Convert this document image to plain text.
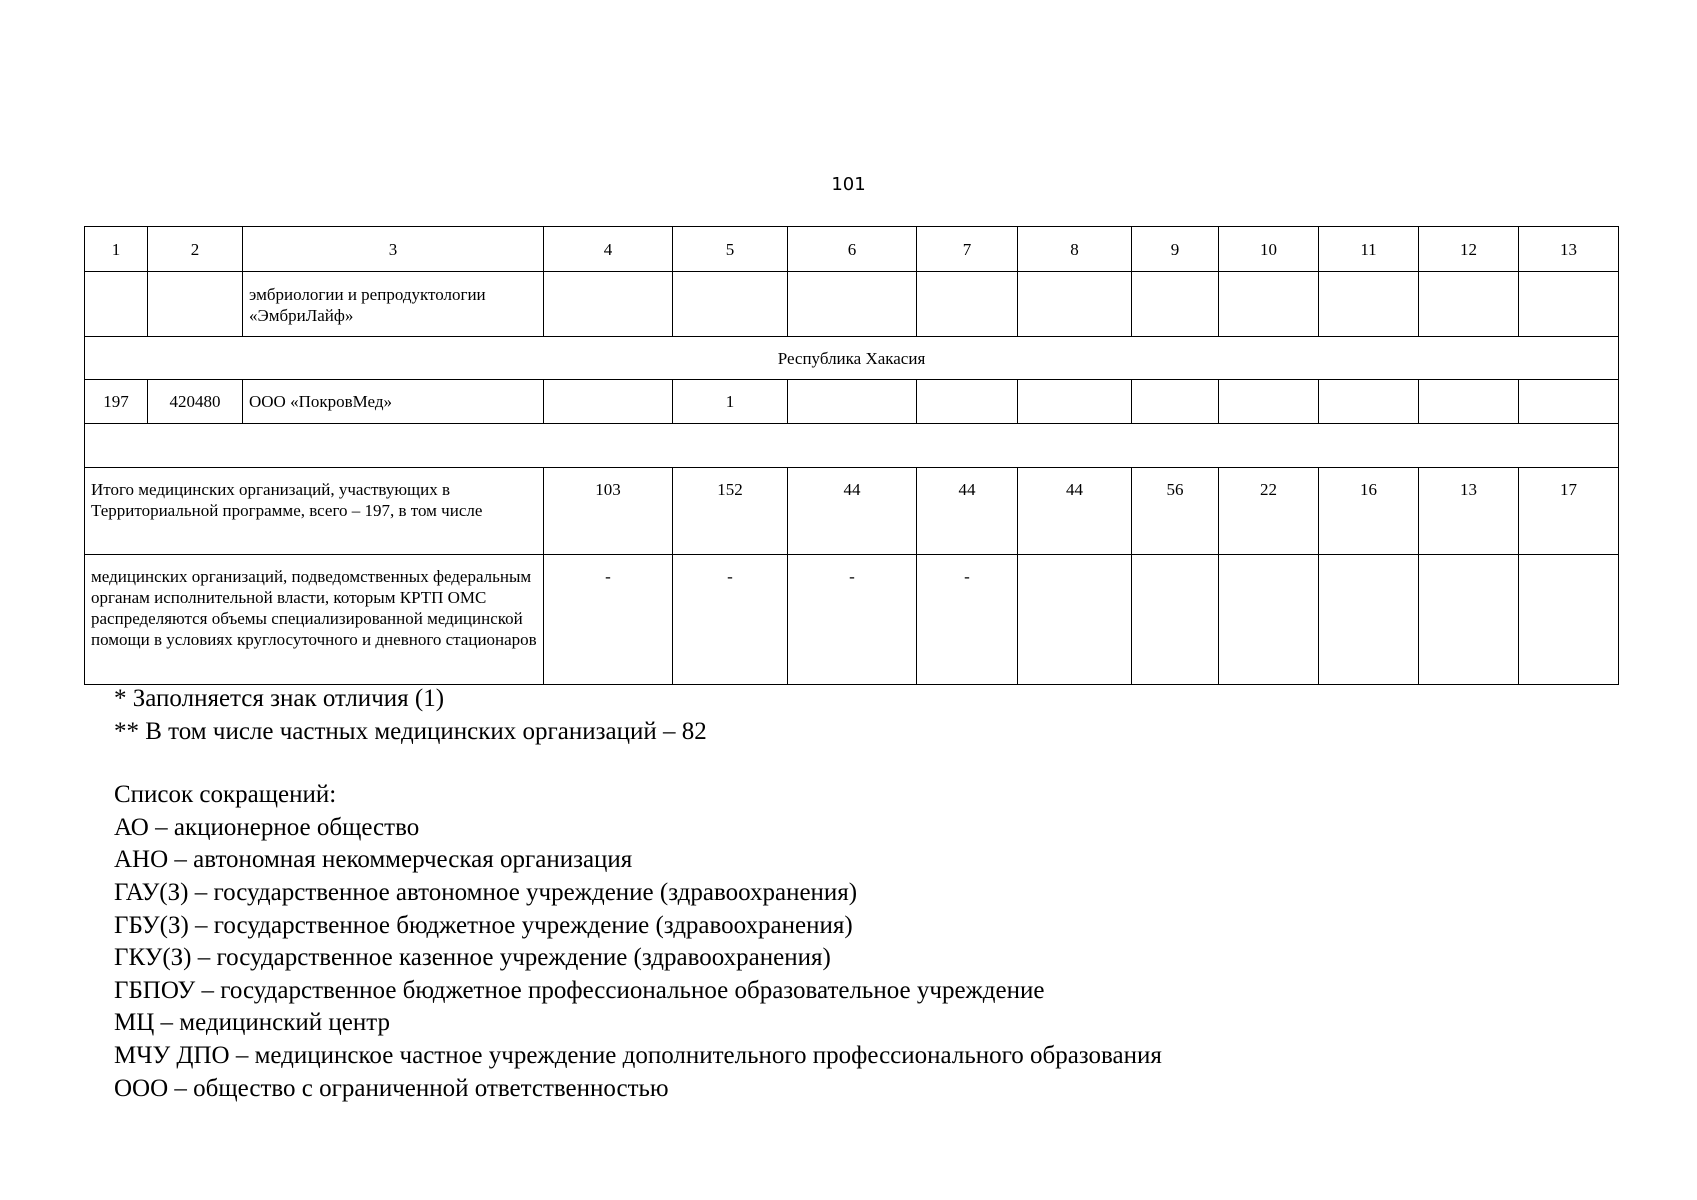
101
1	2	3	4	5	6	7	8	9	10	11	12	13
		эмбриологии и репродуктологии «ЭмбриЛайф»										
Республика Хакасия												
197	420480	ООО «ПокровМед»		1								

Итого медицинских организаций, участвующих в Территориальной программе, всего – 197, в том числе			103	152	44	44	44	56	22	16	13	17
медицинских организаций, подведомственных федеральным органам исполнительной власти, которым КРТП ОМС распределяются объемы специализированной медицинской помощи в условиях круглосуточного и дневного стационаров			-	-	-	-						
* Заполняется знак отличия (1)
** В том числе частных медицинских организаций – 82
Список сокращений:
АО – акционерное общество
АНО – автономная некоммерческая организация
ГАУ(З) – государственное автономное учреждение (здравоохранения)
ГБУ(З) – государственное бюджетное учреждение (здравоохранения)
ГКУ(З) – государственное казенное учреждение (здравоохранения)
ГБПОУ – государственное бюджетное профессиональное образовательное учреждение
МЦ – медицинский центр
МЧУ ДПО – медицинское частное учреждение дополнительного профессионального образования
ООО – общество с ограниченной ответственностью
